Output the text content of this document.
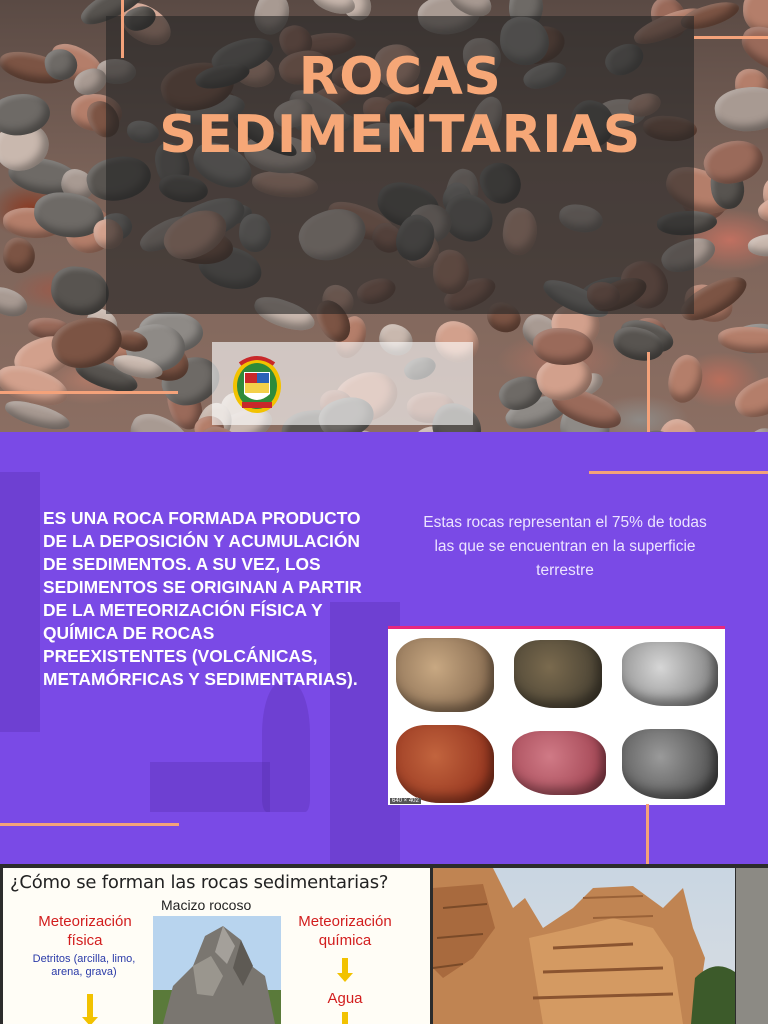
ROCAS
SEDIMENTARIAS

ES UNA ROCA FORMADA PRODUCTO DE LA DEPOSICIÓN Y ACUMULACIÓN DE SEDIMENTOS. A SU VEZ, LOS SEDIMENTOS SE ORIGINAN A PARTIR DE LA METEORIZACIÓN FÍSICA Y QUÍMICA DE ROCAS PREEXISTENTES (VOLCÁNICAS, METAMÓRFICAS Y SEDIMENTARIAS).

Estas rocas representan el 75% de todas las que se encuentran en la superficie terrestre

640 × 402
¿Cómo se forman las rocas sedimentarias?
Macizo rocoso
Meteorización
física
Detritos (arcilla, limo, arena, grava)
Meteorización
química
Agua
